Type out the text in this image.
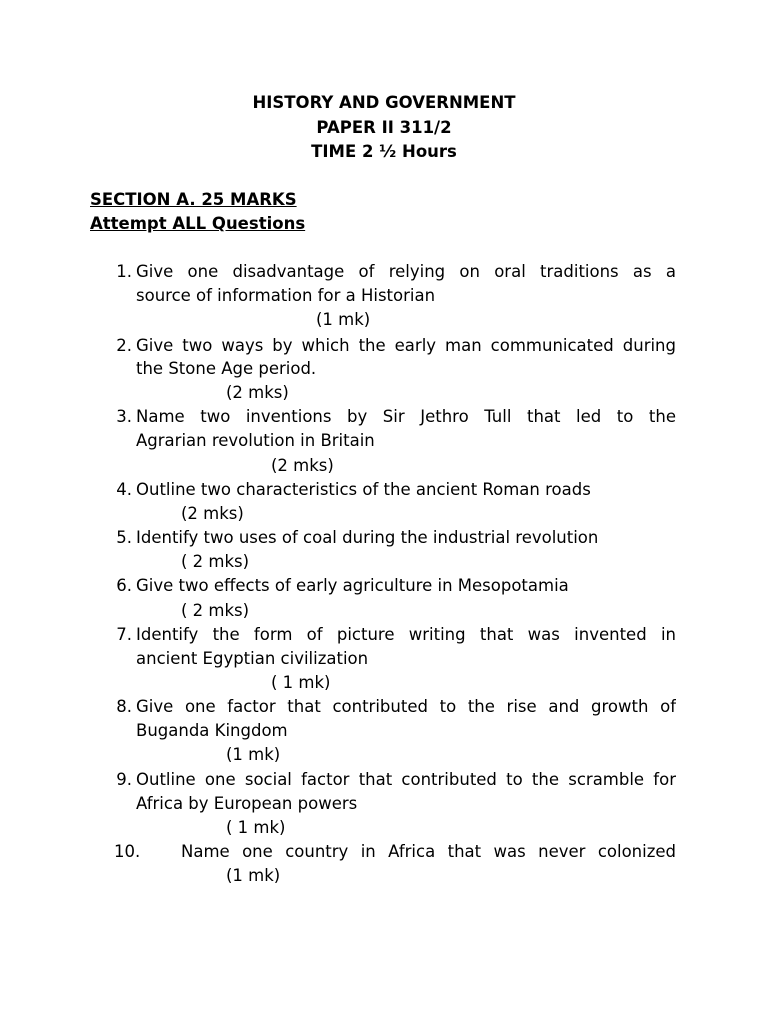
HISTORY AND GOVERNMENT
PAPER II 311/2
TIME 2 ½ Hours
SECTION A. 25 MARKS
Attempt ALL Questions
1. Give one disadvantage of relying on oral traditions as a
source of information for a Historian
(1 mk)
2. Give two ways by which the early man communicated during
the Stone Age period.
(2 mks)
3. Name two inventions by Sir Jethro Tull that led to the
Agrarian revolution in Britain
(2 mks)
4. Outline two characteristics of the ancient Roman roads
(2 mks)
5. Identify two uses of coal during the industrial revolution
( 2 mks)
6. Give two effects of early agriculture in Mesopotamia
( 2 mks)
7. Identify the form of picture writing that was invented in
ancient Egyptian civilization
( 1 mk)
8. Give one factor that contributed to the rise and growth of
Buganda Kingdom
(1 mk)
9. Outline one social factor that contributed to the scramble for
Africa by European powers
( 1 mk)
10. Name one country in Africa that was never colonized
(1 mk)
